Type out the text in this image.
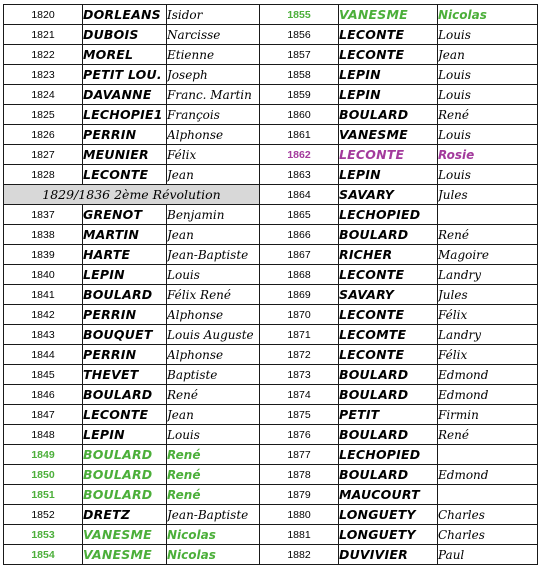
1820	DORLEANS	Isidor	1855	VANESME	Nicolas
1821	DUBOIS	Narcisse	1856	LECONTE	Louis
1822	MOREL	Etienne	1857	LECONTE	Jean
1823	PETIT LOU.	Joseph	1858	LEPIN	Louis
1824	DAVANNE	Franc. Martin	1859	LEPIN	Louis
1825	LECHOPIE1	François	1860	BOULARD	René
1826	PERRIN	Alphonse	1861	VANESME	Louis
1827	MEUNIER	Félix	1862	LECONTE	Rosie
1828	LECONTE	Jean	1863	LEPIN	Louis
1829/1836 2ème Révolution			1864	SAVARY	Jules
1837	GRENOT	Benjamin	1865	LECHOPIED	
1838	MARTIN	Jean	1866	BOULARD	René
1839	HARTE	Jean-Baptiste	1867	RICHER	Magoire
1840	LEPIN	Louis	1868	LECONTE	Landry
1841	BOULARD	Félix René	1869	SAVARY	Jules
1842	PERRIN	Alphonse	1870	LECONTE	Félix
1843	BOUQUET	Louis Auguste	1871	LECOMTE	Landry
1844	PERRIN	Alphonse	1872	LECONTE	Félix
1845	THEVET	Baptiste	1873	BOULARD	Edmond
1846	BOULARD	René	1874	BOULARD	Edmond
1847	LECONTE	Jean	1875	PETIT	Firmin
1848	LEPIN	Louis	1876	BOULARD	René
1849	BOULARD	René	1877	LECHOPIED	
1850	BOULARD	René	1878	BOULARD	Edmond
1851	BOULARD	René	1879	MAUCOURT	
1852	DRETZ	Jean-Baptiste	1880	LONGUETY	Charles
1853	VANESME	Nicolas	1881	LONGUETY	Charles
1854	VANESME	Nicolas	1882	DUVIVIER	Paul
